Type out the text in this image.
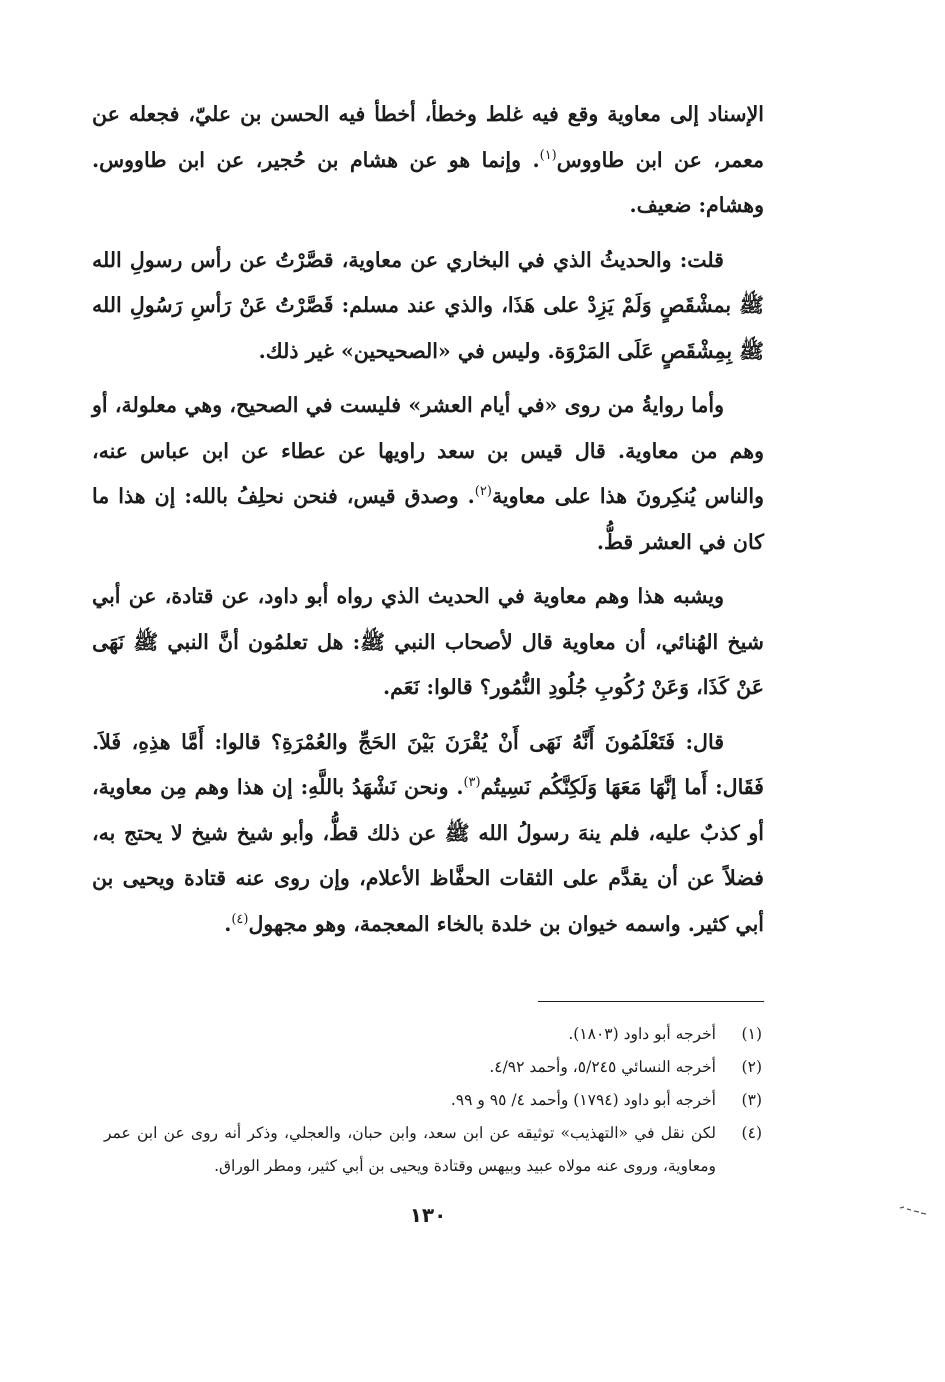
الإسناد إلى معاوية وقع فيه غلط وخطأ، أخطأ فيه الحسن بن عليّ، فجعله عن معمر، عن ابن طاووس$^{(١)}$. وإنما هو عن هشام بن حُجير، عن ابن طاووس. وهشام: ضعيف.

قلت: والحديثُ الذي في البخاري عن معاوية، قصَّرْتُ عن رأس رسولِ الله ﷺ بمشْقَصٍ وَلَمْ يَزِدْ على هَذَا، والذي عند مسلم: قَصَّرْتُ عَنْ رَأسِ رَسُولِ الله ﷺ بِمِشْقَصٍ عَلَى المَرْوَة. وليس في «الصحيحين» غير ذلك.

وأما روايةُ من روى «في أيام العشر» فليست في الصحيح، وهي معلولة، أو وهم من معاوية. قال قيس بن سعد راويها عن عطاء عن ابن عباس عنه، والناس يُنكِرونَ هذا على معاوية$^{(٢)}$. وصدق قيس، فنحن نحلِفُ بالله: إن هذا ما كان في العشر قطُّ.

ويشبه هذا وهم معاوية في الحديث الذي رواه أبو داود، عن قتادة، عن أبي شيخ الهُنائي، أن معاوية قال لأصحاب النبي ﷺ: هل تعلمُون أنَّ النبي ﷺ نَهَى عَنْ كَذَا، وَعَنْ رُكُوبِ جُلُودِ النُّمُور؟ قالوا: نَعَم.

قال: فَتَعْلَمُونَ أَنَّهُ نَهَى أَنْ يُقْرَنَ بَيْنَ الحَجِّ والعُمْرَةِ؟ قالوا: أَمَّا هذِهِ، فَلاَ. فَقَال: أَما إنَّهَا مَعَهَا وَلَكِنَّكُم نَسِيتُم$^{(٣)}$. ونحن نَشْهَدُ باللَّهِ: إن هذا وهم مِن معاوية، أو كذبٌ عليه، فلم ينهَ رسولُ الله ﷺ عن ذلك قطُّ، وأبو شيخ شيخ لا يحتج به، فضلاً عن أن يقدَّم على الثقات الحفَّاظ الأعلام، وإن روى عنه قتادة ويحيى بن أبي كثير. واسمه خيوان بن خلدة بالخاء المعجمة، وهو مجهول$^{(٤)}$.

(١)
أخرجه أبو داود (١٨٠٣).
(٢)
أخرجه النسائي ٥/٢٤٥، وأحمد ٤/٩٢.
(٣)
أخرجه أبو داود (١٧٩٤) وأحمد ٤/ ٩٥ و ٩٩.
(٤)
لكن نقل في «التهذيب» توثيقه عن ابن سعد، وابن حبان، والعجلي، وذكر أنه روى عن ابن عمر ومعاوية، وروى عنه مولاه عبيد وبيهس وقتادة ويحيى بن أبي كثير، ومطر الوراق.
١٣٠
